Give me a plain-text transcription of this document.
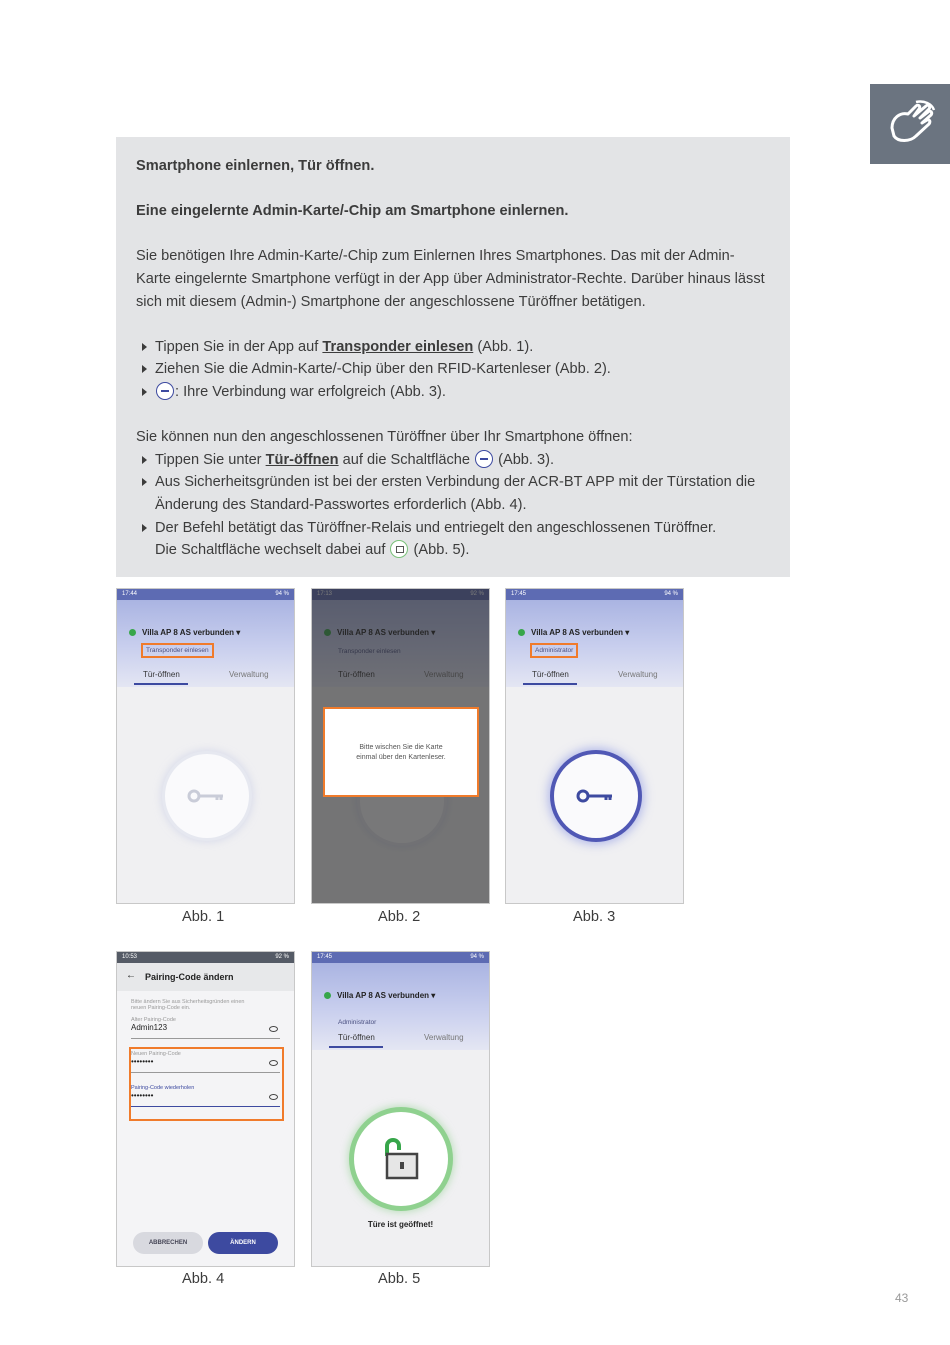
Smartphone einlernen, Tür öffnen.

Eine eingelernte Admin-Karte/-Chip am Smartphone einlernen.

Sie benötigen Ihre Admin-Karte/-Chip zum Einlernen Ihres Smartphones. Das mit der Admin-

Karte eingelernte Smartphone verfügt in der App über Administrator-Rechte. Darüber hinaus lässt

sich mit diesem (Admin-) Smartphone der angeschlossene Türöffner betätigen.

Tippen Sie in der App auf Transponder einlesen (Abb. 1).

Ziehen Sie die Admin-Karte/-Chip über den RFID-Kartenleser (Abb. 2).

: Ihre Verbindung war erfolgreich (Abb. 3).

Sie können nun den angeschlossenen Türöffner über Ihr Smartphone öffnen:

Tippen Sie unter Tür-öffnen auf die Schaltfläche  (Abb. 3).

Aus Sicherheitsgründen ist bei der ersten Verbindung der ACR-BT APP mit der Türstation die
Änderung des Standard-Passwortes erforderlich (Abb. 4).

Der Befehl betätigt das Türöffner-Relais und entriegelt den angeschlossenen Türöffner.
Die Schaltfläche wechselt dabei auf  (Abb. 5).

17:44	94 %
Villa AP 8 AS verbunden ▾
Transponder einlesen
Tür-öffnen	Verwaltung
Abb. 1
Bitte wischen Sie die Karte
einmal über den Kartenleser.
Abb. 2
17:45	94 %
Villa AP 8 AS verbunden ▾
Administrator
Tür-öffnen	Verwaltung
Abb. 3
10:53	92 %
← Pairing-Code ändern
Bitte ändern Sie aus Sicherheitsgründen einen
neuen Pairing-Code ein.
Alter Pairing-Code
Admin123
Neuen Pairing-Code
••••••••
Pairing-Code wiederholen
••••••••
ABBRECHEN	ÄNDERN
Abb. 4
17:45	94 %
Villa AP 8 AS verbunden ▾
Administrator
Tür-öffnen	Verwaltung
Türe ist geöffnet!
Abb. 5
43
